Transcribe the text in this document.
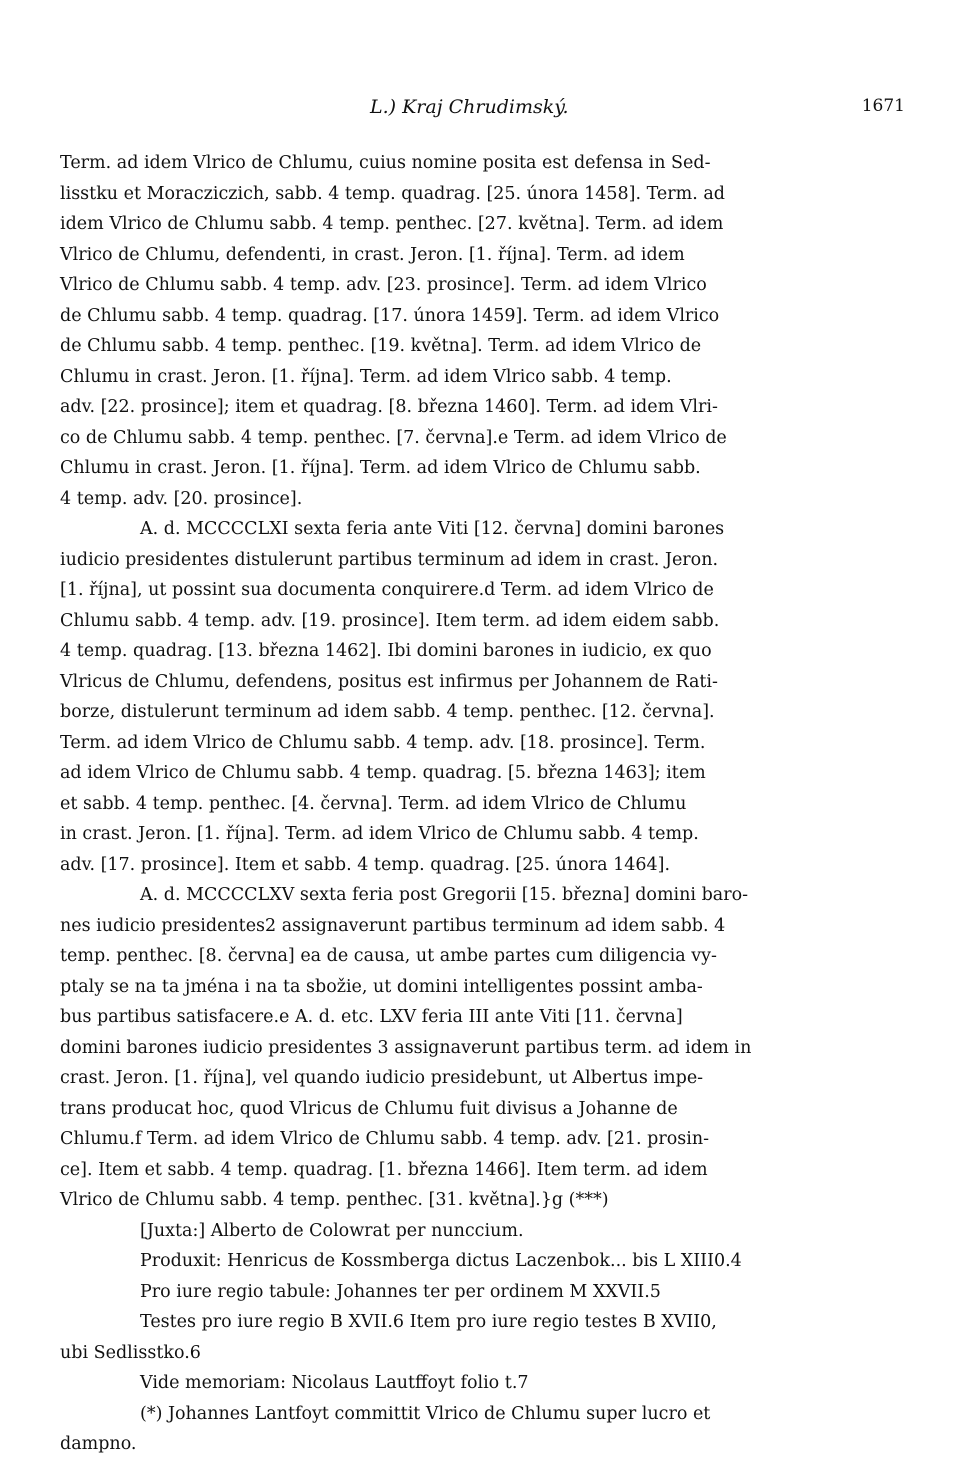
L.) Kraj Chrudimský.	1671
Term. ad idem Vlrico de Chlumu, cuius nomine posita est defensa in Sed-
lisstku et Moracziczich, sabb. 4 temp. quadrag. [25. února 1458]. Term. ad
idem Vlrico de Chlumu sabb. 4 temp. penthec. [27. května]. Term. ad idem
Vlrico de Chlumu, defendenti, in crast. Jeron. [1. října]. Term. ad idem
Vlrico de Chlumu sabb. 4 temp. adv. [23. prosince]. Term. ad idem Vlrico
de Chlumu sabb. 4 temp. quadrag. [17. února 1459]. Term. ad idem Vlrico
de Chlumu sabb. 4 temp. penthec. [19. května]. Term. ad idem Vlrico de
Chlumu in crast. Jeron. [1. října]. Term. ad idem Vlrico sabb. 4 temp.
adv. [22. prosince]; item et quadrag. [8. března 1460]. Term. ad idem Vlri-
co de Chlumu sabb. 4 temp. penthec. [7. června].e Term. ad idem Vlrico de
Chlumu in crast. Jeron. [1. října]. Term. ad idem Vlrico de Chlumu sabb.
4 temp. adv. [20. prosince].
A. d. MCCCCLXI sexta feria ante Viti [12. června] domini barones
iudicio presidentes distulerunt partibus terminum ad idem in crast. Jeron.
[1. října], ut possint sua documenta conquirere.d Term. ad idem Vlrico de
Chlumu sabb. 4 temp. adv. [19. prosince]. Item term. ad idem eidem sabb.
4 temp. quadrag. [13. března 1462]. Ibi domini barones in iudicio, ex quo
Vlricus de Chlumu, defendens, positus est infirmus per Johannem de Rati-
borze, distulerunt terminum ad idem sabb. 4 temp. penthec. [12. června].
Term. ad idem Vlrico de Chlumu sabb. 4 temp. adv. [18. prosince]. Term.
ad idem Vlrico de Chlumu sabb. 4 temp. quadrag. [5. března 1463]; item
et sabb. 4 temp. penthec. [4. června]. Term. ad idem Vlrico de Chlumu
in crast. Jeron. [1. října]. Term. ad idem Vlrico de Chlumu sabb. 4 temp.
adv. [17. prosince]. Item et sabb. 4 temp. quadrag. [25. února 1464].
A. d. MCCCCLXV sexta feria post Gregorii [15. března] domini baro-
nes iudicio presidentes2 assignaverunt partibus terminum ad idem sabb. 4
temp. penthec. [8. června] ea de causa, ut ambe partes cum diligencia vy-
ptaly se na ta jména i na ta sbožie, ut domini intelligentes possint amba-
bus partibus satisfacere.e A. d. etc. LXV feria III ante Viti [11. června]
domini barones iudicio presidentes 3 assignaverunt partibus term. ad idem in
crast. Jeron. [1. října], vel quando iudicio presidebunt, ut Albertus impe-
trans producat hoc, quod Vlricus de Chlumu fuit divisus a Johanne de
Chlumu.f Term. ad idem Vlrico de Chlumu sabb. 4 temp. adv. [21. prosin-
ce]. Item et sabb. 4 temp. quadrag. [1. března 1466]. Item term. ad idem
Vlrico de Chlumu sabb. 4 temp. penthec. [31. května].}g (***)
[Juxta:] Alberto de Colowrat per nunccium.
Produxit: Henricus de Kossmberga dictus Laczenbok... bis L XIII0.4
Pro iure regio tabule: Johannes ter per ordinem M XXVII.5
Testes pro iure regio B XVII.6 Item pro iure regio testes B XVII0,
ubi Sedlisstko.6
Vide memoriam: Nicolaus Lautffoyt folio t.7
(*) Johannes Lantfoyt committit Vlrico de Chlumu super lucro et
dampno.
